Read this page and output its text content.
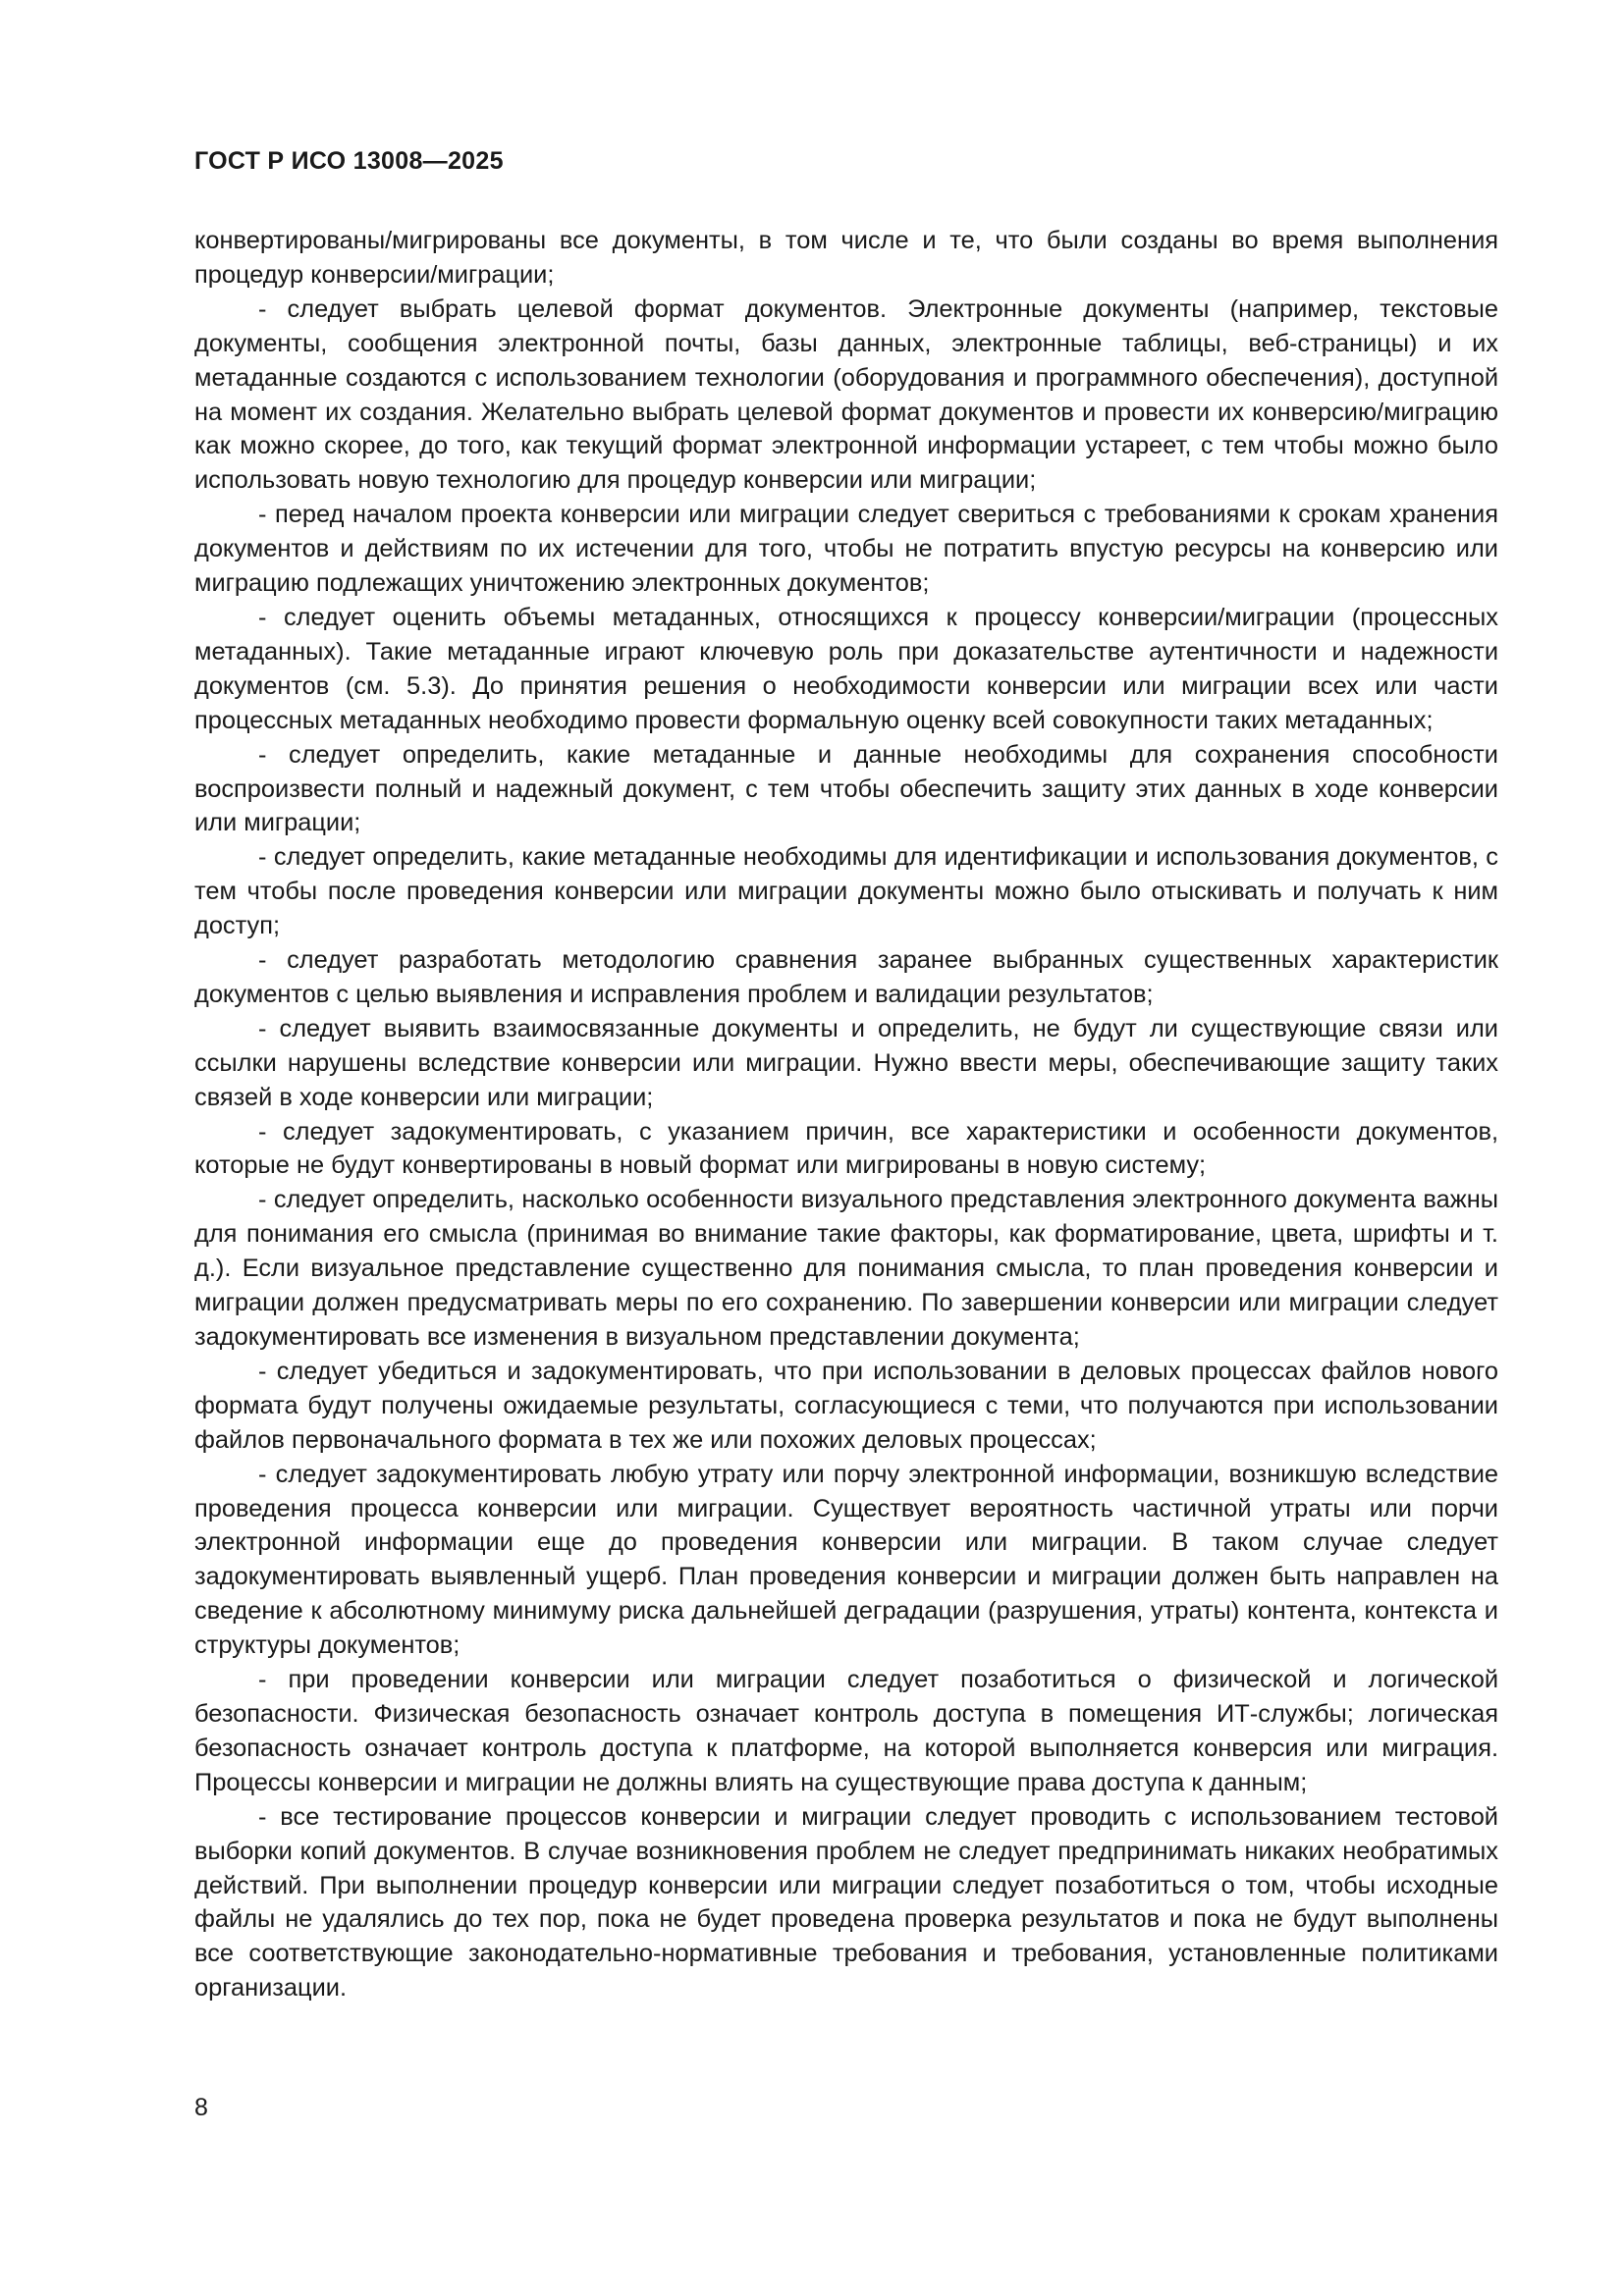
ГОСТ Р ИСО 13008—2025

конвертированы/мигрированы все документы, в том числе и те, что были созданы во время выполнения процедур конверсии/миграции;

- следует выбрать целевой формат документов. Электронные документы (например, текстовые документы, сообщения электронной почты, базы данных, электронные таблицы, веб-страницы) и их метаданные создаются с использованием технологии (оборудования и программного обеспечения), доступной на момент их создания. Желательно выбрать целевой формат документов и провести их конверсию/миграцию как можно скорее, до того, как текущий формат электронной информации устареет, с тем чтобы можно было использовать новую технологию для процедур конверсии или миграции;

- перед началом проекта конверсии или миграции следует свериться с требованиями к срокам хранения документов и действиям по их истечении для того, чтобы не потратить впустую ресурсы на конверсию или миграцию подлежащих уничтожению электронных документов;

- следует оценить объемы метаданных, относящихся к процессу конверсии/миграции (процессных метаданных). Такие метаданные играют ключевую роль при доказательстве аутентичности и надежности документов (см. 5.3). До принятия решения о необходимости конверсии или миграции всех или части процессных метаданных необходимо провести формальную оценку всей совокупности таких метаданных;

- следует определить, какие метаданные и данные необходимы для сохранения способности воспроизвести полный и надежный документ, с тем чтобы обеспечить защиту этих данных в ходе конверсии или миграции;

- следует определить, какие метаданные необходимы для идентификации и использования документов, с тем чтобы после проведения конверсии или миграции документы можно было отыскивать и получать к ним доступ;

- следует разработать методологию сравнения заранее выбранных существенных характеристик документов с целью выявления и исправления проблем и валидации результатов;

- следует выявить взаимосвязанные документы и определить, не будут ли существующие связи или ссылки нарушены вследствие конверсии или миграции. Нужно ввести меры, обеспечивающие защиту таких связей в ходе конверсии или миграции;

- следует задокументировать, с указанием причин, все характеристики и особенности документов, которые не будут конвертированы в новый формат или мигрированы в новую систему;

- следует определить, насколько особенности визуального представления электронного документа важны для понимания его смысла (принимая во внимание такие факторы, как форматирование, цвета, шрифты и т. д.). Если визуальное представление существенно для понимания смысла, то план проведения конверсии и миграции должен предусматривать меры по его сохранению. По завершении конверсии или миграции следует задокументировать все изменения в визуальном представлении документа;

- следует убедиться и задокументировать, что при использовании в деловых процессах файлов нового формата будут получены ожидаемые результаты, согласующиеся с теми, что получаются при использовании файлов первоначального формата в тех же или похожих деловых процессах;

- следует задокументировать любую утрату или порчу электронной информации, возникшую вследствие проведения процесса конверсии или миграции. Существует вероятность частичной утраты или порчи электронной информации еще до проведения конверсии или миграции. В таком случае следует задокументировать выявленный ущерб. План проведения конверсии и миграции должен быть направлен на сведение к абсолютному минимуму риска дальнейшей деградации (разрушения, утраты) контента, контекста и структуры документов;

- при проведении конверсии или миграции следует позаботиться о физической и логической безопасности. Физическая безопасность означает контроль доступа в помещения ИТ-службы; логическая безопасность означает контроль доступа к платформе, на которой выполняется конверсия или миграция. Процессы конверсии и миграции не должны влиять на существующие права доступа к данным;

- все тестирование процессов конверсии и миграции следует проводить с использованием тестовой выборки копий документов. В случае возникновения проблем не следует предпринимать никаких необратимых действий. При выполнении процедур конверсии или миграции следует позаботиться о том, чтобы исходные файлы не удалялись до тех пор, пока не будет проведена проверка результатов и пока не будут выполнены все соответствующие законодательно-нормативные требования и требования, установленные политиками организации.

8
